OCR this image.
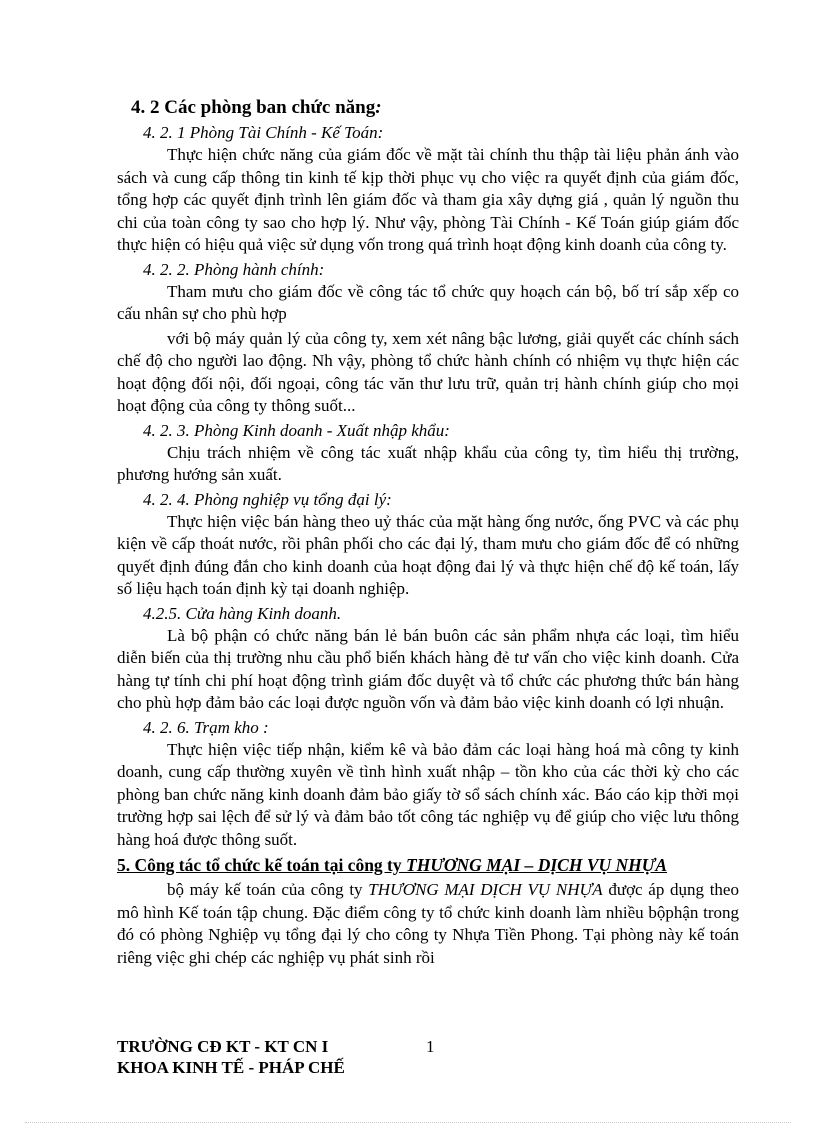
4. 2 Các phòng ban chức năng:
4. 2. 1 Phòng Tài Chính - Kế Toán:
Thực hiện chức năng của giám đốc về mặt tài chính thu thập tài liệu phản ánh vào sách và cung cấp thông tin kinh tế kịp thời phục vụ cho việc ra quyết định của giám đốc, tổng hợp các quyết định trình lên giám đốc và tham gia xây dựng giá , quản lý nguồn thu chi của toàn công ty sao cho hợp lý. Như vậy, phòng Tài Chính - Kế Toán giúp giám đốc thực hiện có hiệu quả việc sử dụng vốn trong quá trình hoạt động kinh doanh của công ty.
4. 2. 2. Phòng hành chính:
Tham mưu cho giám đốc về công tác tổ chức quy hoạch cán bộ, bố trí sắp xếp co cấu nhân sự cho phù hợp
với bộ máy quản lý của công ty, xem xét nâng bậc lương, giải quyết các chính sách chế độ cho người lao động. Nh vậy, phòng tổ chức hành chính có nhiệm vụ thực hiện các hoạt động đối nội, đối ngoại, công tác văn thư lưu trữ, quản trị hành chính giúp cho mọi hoạt động của công ty thông suốt...
4. 2. 3. Phòng Kinh doanh - Xuất nhập khẩu:
Chịu trách nhiệm về công tác xuất nhập khẩu của công ty, tìm hiểu thị trường, phương hướng sản xuất.
4. 2. 4. Phòng nghiệp vụ tổng đại lý:
Thực hiện việc bán hàng theo uỷ thác của mặt hàng ống nước, ống PVC và các phụ kiện về cấp thoát nước, rồi phân phối cho các đại lý, tham mưu cho giám đốc để có những quyết định đúng đắn cho kinh doanh của hoạt động đai lý và thực hiện chế độ kế toán, lấy số liệu hạch toán định kỳ tại doanh nghiệp.
4.2.5. Cửa hàng Kinh doanh.
Là bộ phận có chức năng bán lẻ bán buôn các sản phẩm nhựa các loại, tìm hiểu diễn biến của thị trường nhu cầu phổ biến khách hàng đẻ tư vấn cho việc kinh doanh. Cửa hàng tự tính chi phí hoạt động trình giám đốc duyệt và tổ chức các phương thức bán hàng cho phù hợp đảm bảo các loại được nguồn vốn và đảm bảo việc kinh doanh có lợi nhuận.
4. 2. 6. Trạm kho :
Thực hiện việc tiếp nhận, kiểm kê và bảo đảm các loại hàng hoá mà công ty kinh doanh, cung cấp thường xuyên về tình hình xuất nhập – tồn kho của các thời kỳ cho các phòng ban chức năng kinh doanh đảm bảo giấy tờ sổ sách chính xác. Báo cáo kịp thời mọi trường hợp sai lệch để sử lý và đảm bảo tốt công tác nghiệp vụ để giúp cho việc lưu thông hàng hoá được thông suốt.
5. Công tác tổ chức kế toán tại công ty THƯƠNG MẠI – DỊCH VỤ NHỰA
bộ máy kế toán của công ty THƯƠNG MẠI DỊCH VỤ NHỰA được áp dụng theo mô hình Kế toán tập chung. Đặc điểm công ty tổ chức kinh doanh làm nhiều bộphận trong đó có phòng Nghiệp vụ tổng đại lý cho công ty Nhựa Tiền Phong. Tại phòng này kế toán riêng việc ghi chép các nghiệp vụ phát sinh rồi
TRƯỜNG CĐ KT - KT CN I
KHOA KINH TẾ - PHÁP CHẾ
1
